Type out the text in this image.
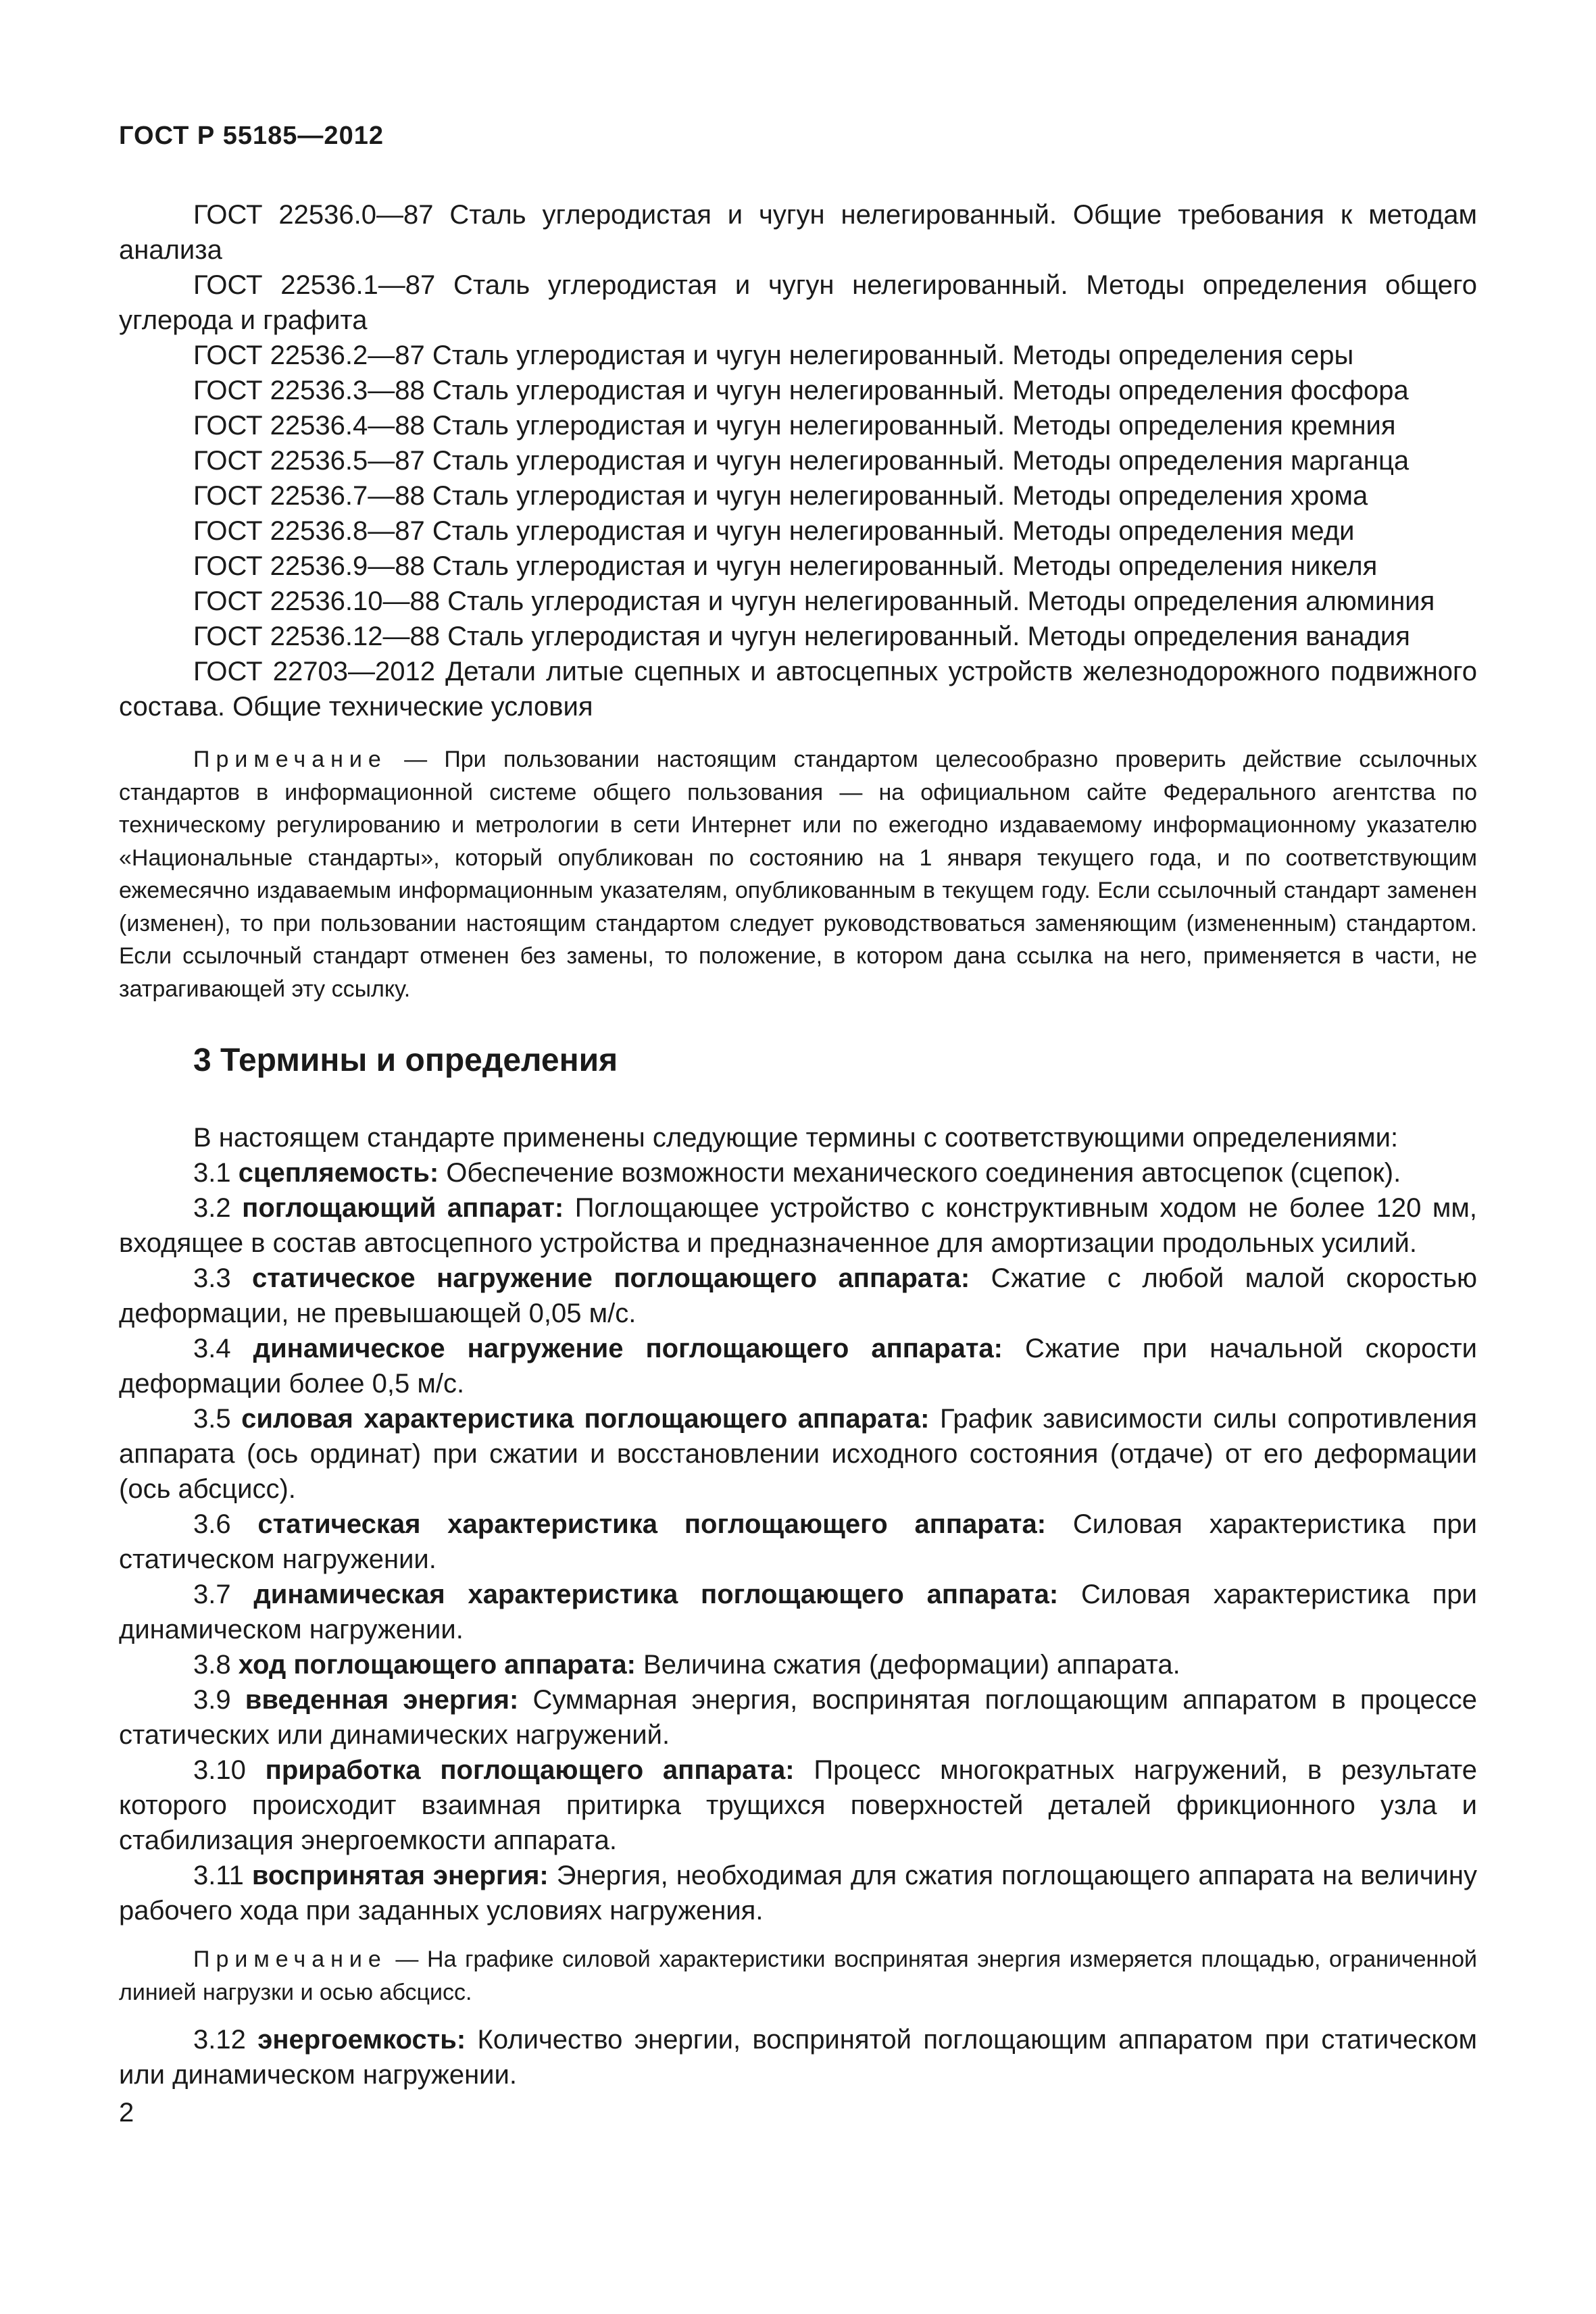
ГОСТ Р 55185—2012

ГОСТ 22536.0—87 Сталь углеродистая и чугун нелегированный. Общие требования к методам анализа

ГОСТ 22536.1—87 Сталь углеродистая и чугун нелегированный. Методы определения общего углерода и графита

ГОСТ 22536.2—87 Сталь углеродистая и чугун нелегированный. Методы определения серы

ГОСТ 22536.3—88 Сталь углеродистая и чугун нелегированный. Методы определения фосфора

ГОСТ 22536.4—88 Сталь углеродистая и чугун нелегированный. Методы определения кремния

ГОСТ 22536.5—87 Сталь углеродистая и чугун нелегированный. Методы определения марганца

ГОСТ 22536.7—88 Сталь углеродистая и чугун нелегированный. Методы определения хрома

ГОСТ 22536.8—87 Сталь углеродистая и чугун нелегированный. Методы определения меди

ГОСТ 22536.9—88 Сталь углеродистая и чугун нелегированный. Методы определения никеля

ГОСТ 22536.10—88 Сталь углеродистая и чугун нелегированный. Методы определения алюминия

ГОСТ 22536.12—88 Сталь углеродистая и чугун нелегированный. Методы определения ванадия

ГОСТ 22703—2012 Детали литые сцепных и автосцепных устройств железнодорожного подвижного состава. Общие технические условия

Примечание — При пользовании настоящим стандартом целесообразно проверить действие ссылочных стандартов в информационной системе общего пользования — на официальном сайте Федерального агентства по техническому регулированию и метрологии в сети Интернет или по ежегодно издаваемому информационному указателю «Национальные стандарты», который опубликован по состоянию на 1 января текущего года, и по соответствующим ежемесячно издаваемым информационным указателям, опубликованным в текущем году. Если ссылочный стандарт заменен (изменен), то при пользовании настоящим стандартом следует руководствоваться заменяющим (измененным) стандартом. Если ссылочный стандарт отменен без замены, то положение, в котором дана ссылка на него, применяется в части, не затрагивающей эту ссылку.

3 Термины и определения

В настоящем стандарте применены следующие термины с соответствующими определениями:

3.1 сцепляемость: Обеспечение возможности механического соединения автосцепок (сцепок).

3.2 поглощающий аппарат: Поглощающее устройство с конструктивным ходом не более 120 мм, входящее в состав автосцепного устройства и предназначенное для амортизации продольных усилий.

3.3 статическое нагружение поглощающего аппарата: Сжатие с любой малой скоростью деформации, не превышающей 0,05 м/с.

3.4 динамическое нагружение поглощающего аппарата: Сжатие при начальной скорости деформации более 0,5 м/с.

3.5 силовая характеристика поглощающего аппарата: График зависимости силы сопротивления аппарата (ось ординат) при сжатии и восстановлении исходного состояния (отдаче) от его деформации (ось абсцисс).

3.6 статическая характеристика поглощающего аппарата: Силовая характеристика при статическом нагружении.

3.7 динамическая характеристика поглощающего аппарата: Силовая характеристика при динамическом нагружении.

3.8 ход поглощающего аппарата: Величина сжатия (деформации) аппарата.

3.9 введенная энергия: Суммарная энергия, воспринятая поглощающим аппаратом в процессе статических или динамических нагружений.

3.10 приработка поглощающего аппарата: Процесс многократных нагружений, в результате которого происходит взаимная притирка трущихся поверхностей деталей фрикционного узла и стабилизация энергоемкости аппарата.

3.11 воспринятая энергия: Энергия, необходимая для сжатия поглощающего аппарата на величину рабочего хода при заданных условиях нагружения.

Примечание — На графике силовой характеристики воспринятая энергия измеряется площадью, ограниченной линией нагрузки и осью абсцисс.

3.12 энергоемкость: Количество энергии, воспринятой поглощающим аппаратом при статическом или динамическом нагружении.

2
